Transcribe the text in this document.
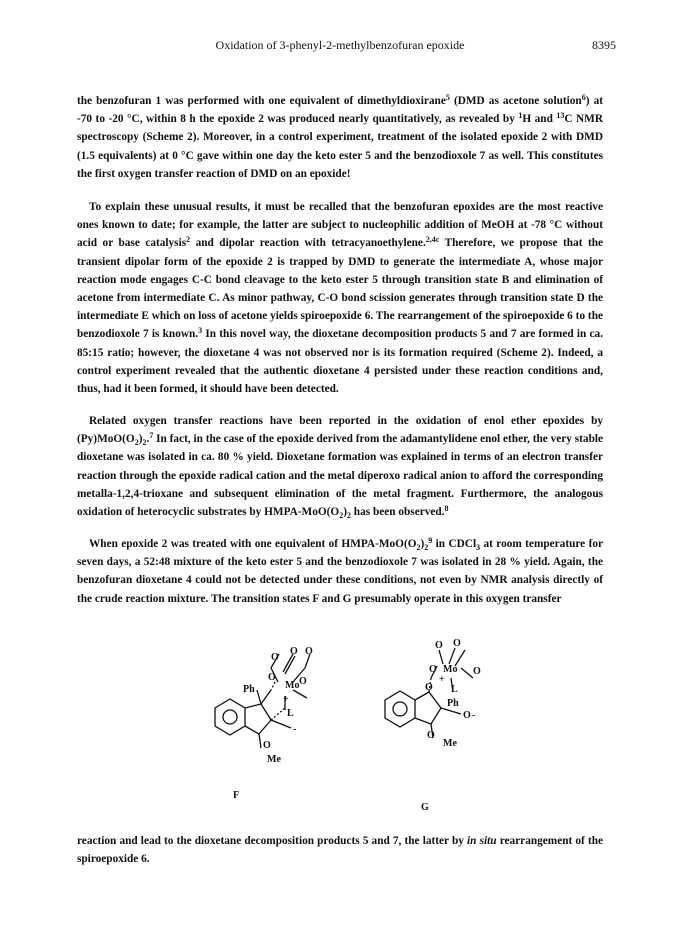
Oxidation of 3-phenyl-2-methylbenzofuran epoxide	8395

the benzofuran 1 was performed with one equivalent of dimethyldioxirane$^5$ (DMD as acetone solution$^6$) at -70 to -20 °C, within 8 h the epoxide 2 was produced nearly quantitatively, as revealed by $^1$H and $^{13}$C NMR spectroscopy (Scheme 2). Moreover, in a control experiment, treatment of the isolated epoxide 2 with DMD (1.5 equivalents) at 0 °C gave within one day the keto ester 5 and the benzodioxole 7 as well. This constitutes the first oxygen transfer reaction of DMD on an epoxide!

To explain these unusual results, it must be recalled that the benzofuran epoxides are the most reactive ones known to date; for example, the latter are subject to nucleophilic addition of MeOH at -78 °C without acid or base catalysis$^2$ and dipolar reaction with tetracyanoethylene.$^{2,4c}$ Therefore, we propose that the transient dipolar form of the epoxide 2 is trapped by DMD to generate the intermediate A, whose major reaction mode engages C-C bond cleavage to the keto ester 5 through transition state B and elimination of acetone from intermediate C. As minor pathway, C-O bond scission generates through transition state D the intermediate E which on loss of acetone yields spiroepoxide 6. The rearrangement of the spiroepoxide 6 to the benzodioxole 7 is known.$^3$ In this novel way, the dioxetane decomposition products 5 and 7 are formed in ca. 85:15 ratio; however, the dioxetane 4 was not observed nor is its formation required (Scheme 2). Indeed, a control experiment revealed that the authentic dioxetane 4 persisted under these reaction conditions and, thus, had it been formed, it should have been detected.

Related oxygen transfer reactions have been reported in the oxidation of enol ether epoxides by $(Py)MoO(O_2)_2.^7$ In fact, in the case of the epoxide derived from the adamantylidene enol ether, the very stable dioxetane was isolated in ca. 80 % yield. Dioxetane formation was explained in terms of an electron transfer reaction through the epoxide radical cation and the metal diperoxo radical anion to afford the corresponding metalla-1,2,4-trioxane and subsequent elimination of the metal fragment. Furthermore, the analogous oxidation of heterocyclic substrates by HMPA-$MoO(O_2)_2$ has been observed.$^8$

When epoxide 2 was treated with one equivalent of HMPA-$MoO(O_2)_2^9$ in CDCl$_3$ at room temperature for seven days, a 52:48 mixture of the keto ester 5 and the benzodioxole 7 was isolated in 28 % yield. Again, the benzofuran dioxetane 4 could not be detected under these conditions, not even by NMR analysis directly of the crude reaction mixture. The transition states F and G presumably operate in this oxygen transfer

Ph
O
Me
Mo
+
L
-
O
O O
O O
F
O O
O Mo O
+
L
O
Ph
O -
O
Me
G

reaction and lead to the dioxetane decomposition products 5 and 7, the latter by in situ rearrangement of the spiroepoxide 6.
